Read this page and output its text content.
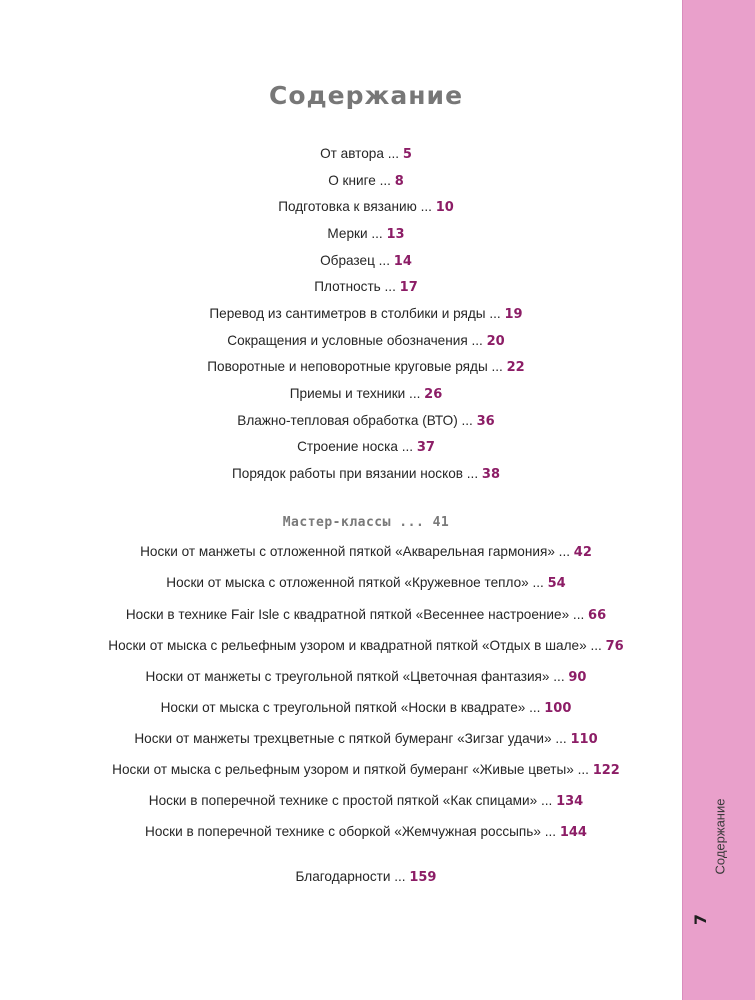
Содержание
От автора ... 5
О книге ... 8
Подготовка к вязанию ... 10
Мерки ... 13
Образец ... 14
Плотность ... 17
Перевод из сантиметров в столбики и ряды ... 19
Сокращения и условные обозначения ... 20
Поворотные и неповоротные круговые ряды ... 22
Приемы и техники ... 26
Влажно-тепловая обработка (ВТО) ... 36
Строение носка ... 37
Порядок работы при вязании носков ... 38
Мастер-классы ... 41
Носки от манжеты с отложенной пяткой «Акварельная гармония» ... 42
Носки от мыска с отложенной пяткой «Кружевное тепло» ... 54
Носки в технике Fair Isle с квадратной пяткой «Весеннее настроение» ... 66
Носки от мыска с рельефным узором и квадратной пяткой «Отдых в шале» ... 76
Носки от манжеты с треугольной пяткой «Цветочная фантазия» ... 90
Носки от мыска с треугольной пяткой «Носки в квадрате» ... 100
Носки от манжеты трехцветные с пяткой бумеранг «Зигзаг удачи» ... 110
Носки от мыска с рельефным узором и пяткой бумеранг «Живые цветы» ... 122
Носки в поперечной технике с простой пяткой «Как спицами» ... 134
Носки в поперечной технике с оборкой «Жемчужная россыпь» ... 144
Благодарности ... 159
Содержание
7
